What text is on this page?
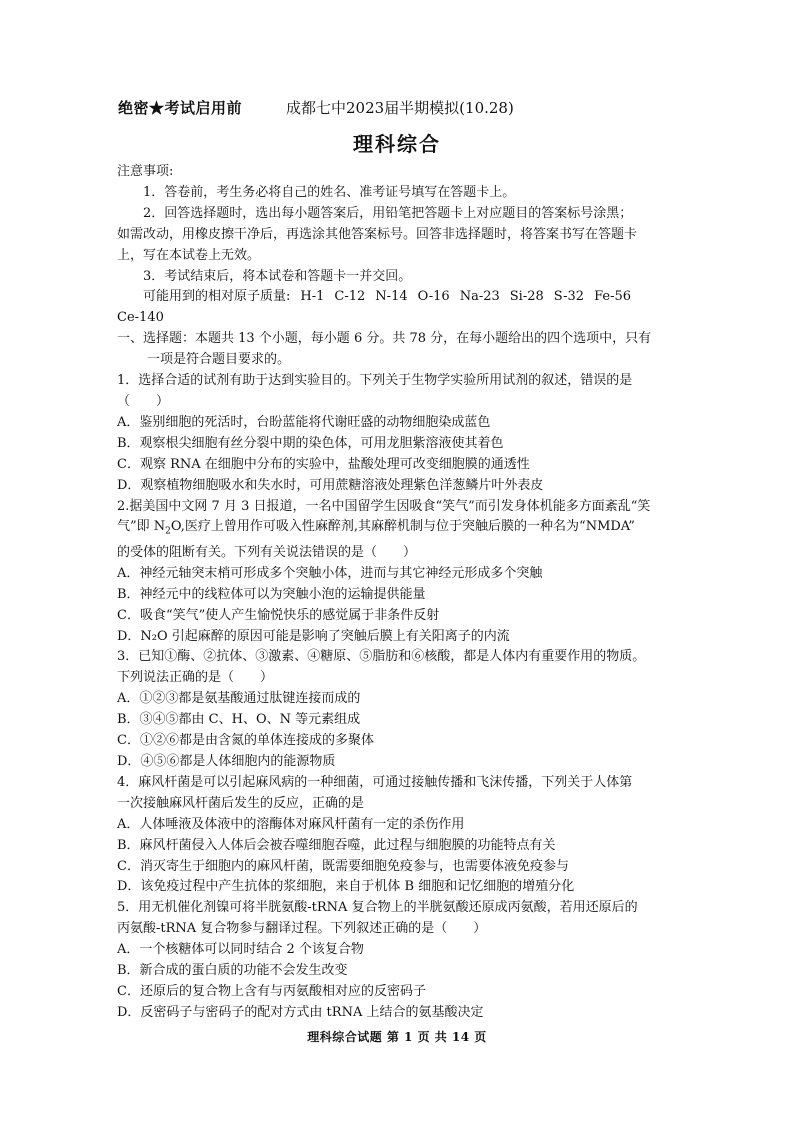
绝密★考试启用前	成都七中2023届半期模拟(10.28)
理科综合
注意事项:
1．答卷前，考生务必将自己的姓名、准考证号填写在答题卡上。
2．回答选择题时，选出每小题答案后，用铅笔把答题卡上对应题目的答案标号涂黑；
如需改动，用橡皮擦干净后，再选涂其他答案标号。回答非选择题时，将答案书写在答题卡
上，写在本试卷上无效。
3．考试结束后，将本试卷和答题卡一并交回。
可能用到的相对原子质量: H-1 C-12 N-14 O-16 Na-23 Si-28 S-32 Fe-56
Ce-140
一、选择题：本题共 13 个小题，每小题 6 分。共 78 分，在每小题给出的四个选项中，只有
一项是符合题目要求的。
1．选择合适的试剂有助于达到实验目的。下列关于生物学实验所用试剂的叙述，错误的是
（　　）
A．鉴别细胞的死活时，台盼蓝能将代谢旺盛的动物细胞染成蓝色
B．观察根尖细胞有丝分裂中期的染色体，可用龙胆紫溶液使其着色
C．观察 RNA 在细胞中分布的实验中，盐酸处理可改变细胞膜的通透性
D．观察植物细胞吸水和失水时，可用蔗糖溶液处理紫色洋葱鳞片叶外表皮
2.据美国中文网 7 月 3 日报道，一名中国留学生因吸食“笑气”而引发身体机能多方面紊乱“笑
气”即 $N_2O$,医疗上曾用作可吸入性麻醉剂,其麻醉机制与位于突触后膜的一种名为“NMDA”
的受体的阻断有关。下列有关说法错误的是（　　）
A．神经元轴突末梢可形成多个突触小体，进而与其它神经元形成多个突触
B．神经元中的线粒体可以为突触小泡的运输提供能量
C．吸食“笑气”使人产生愉悦快乐的感觉属于非条件反射
D．N₂O 引起麻醉的原因可能是影响了突触后膜上有关阳离子的内流
3．已知①酶、②抗体、③激素、④糖原、⑤脂肪和⑥核酸，都是人体内有重要作用的物质。
下列说法正确的是（　　）
A．①②③都是氨基酸通过肽键连接而成的
B．③④⑤都由 C、H、O、N 等元素组成
C．①②⑥都是由含氮的单体连接成的多聚体
D．④⑤⑥都是人体细胞内的能源物质
4．麻风杆菌是可以引起麻风病的一种细菌，可通过接触传播和飞沫传播，下列关于人体第
一次接触麻风杆菌后发生的反应，正确的是
A．人体唾液及体液中的溶酶体对麻风杆菌有一定的杀伤作用
B．麻风杆菌侵入人体后会被吞噬细胞吞噬，此过程与细胞膜的功能特点有关
C．消灭寄生于细胞内的麻风杆菌，既需要细胞免疫参与，也需要体液免疫参与
D．该免疫过程中产生抗体的浆细胞，来自于机体 B 细胞和记忆细胞的增殖分化
5．用无机催化剂镍可将半胱氨酸-tRNA 复合物上的半胱氨酸还原成丙氨酸，若用还原后的
丙氨酸-tRNA 复合物参与翻译过程。下列叙述正确的是（　　）
A．一个核糖体可以同时结合 2 个该复合物
B．新合成的蛋白质的功能不会发生改变
C．还原后的复合物上含有与丙氨酸相对应的反密码子
D．反密码子与密码子的配对方式由 tRNA 上结合的氨基酸决定
理科综合试题 第 1 页 共 14 页
